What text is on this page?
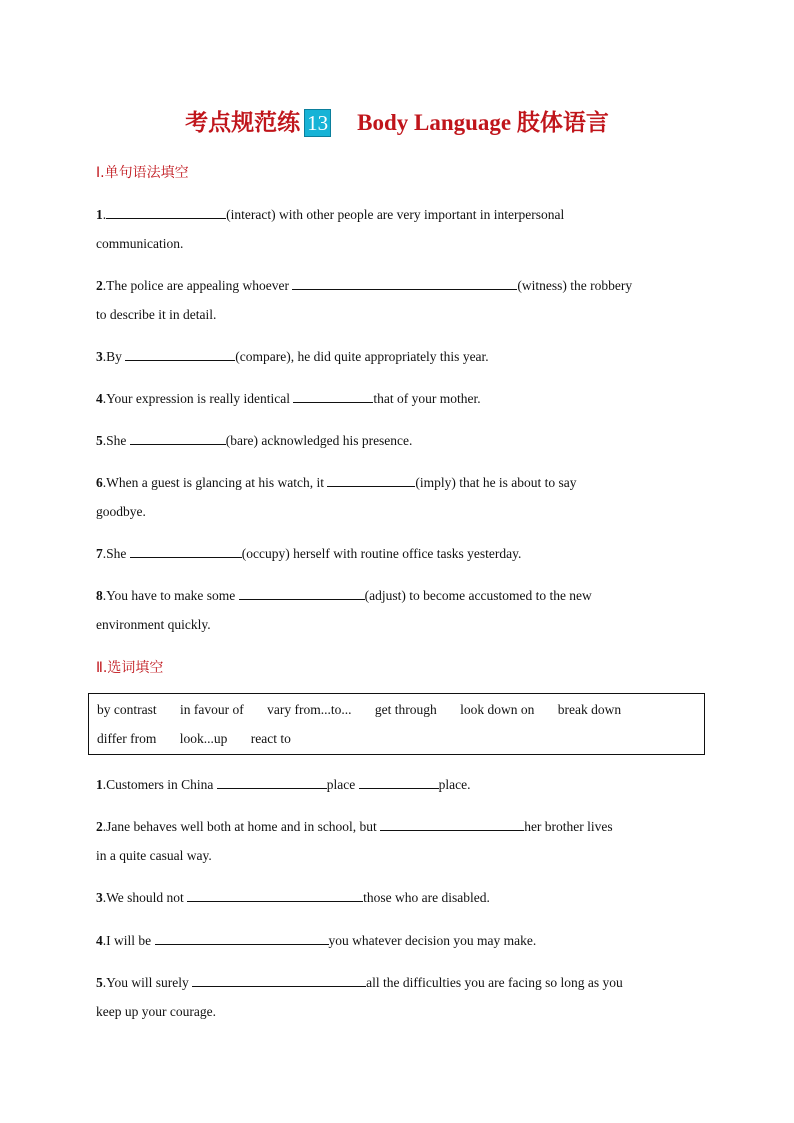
考点规范练 13 Body Language 肢体语言
Ⅰ.单句语法填空
1.	(interact) with other people are very important in interpersonal
communication.
2.The police are appealing whoever	(witness) the robbery
to describe it in detail.
3.By	(compare), he did quite appropriately this year.
4.Your expression is really identical	that of your mother.
5.She	(bare) acknowledged his presence.
6.When a guest is glancing at his watch, it	(imply) that he is about to say
goodbye.
7.She	(occupy) herself with routine office tasks yesterday.
8.You have to make some	(adjust) to become accustomed to the new
environment quickly.
Ⅱ.选词填空
by contrast in favour of vary from...to... get through look down on break down
differ from look...up react to
1.Customers in China	place	place.
2.Jane behaves well both at home and in school, but	her brother lives
in a quite casual way.
3.We should not	those who are disabled.
4.I will be	you whatever decision you may make.
5.You will surely	all the difficulties you are facing so long as you
keep up your courage.
